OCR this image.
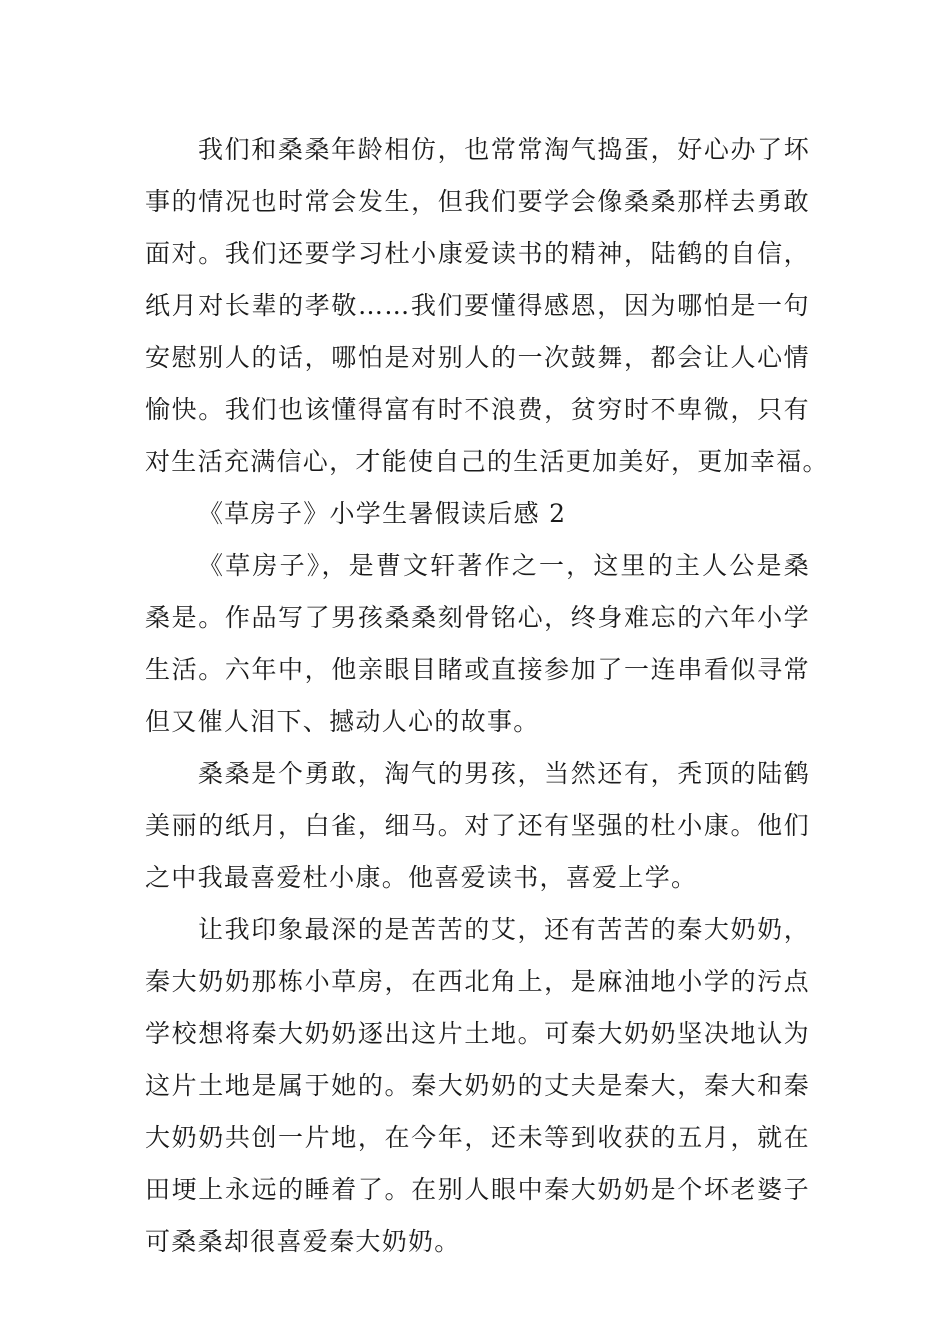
我们和桑桑年龄相仿，也常常淘气捣蛋，好心办了坏
事的情况也时常会发生，但我们要学会像桑桑那样去勇敢
面对。我们还要学习杜小康爱读书的精神，陆鹤的自信，
纸月对长辈的孝敬……我们要懂得感恩，因为哪怕是一句
安慰别人的话，哪怕是对别人的一次鼓舞，都会让人心情
愉快。我们也该懂得富有时不浪费，贫穷时不卑微，只有
对生活充满信心，才能使自己的生活更加美好，更加幸福。
《草房子》小学生暑假读后感 2
《草房子》，是曹文轩著作之一，这里的主人公是桑
桑是。作品写了男孩桑桑刻骨铭心，终身难忘的六年小学
生活。六年中，他亲眼目睹或直接参加了一连串看似寻常
但又催人泪下、撼动人心的故事。
桑桑是个勇敢，淘气的男孩，当然还有，秃顶的陆鹤
美丽的纸月，白雀，细马。对了还有坚强的杜小康。他们
之中我最喜爱杜小康。他喜爱读书，喜爱上学。
让我印象最深的是苦苦的艾，还有苦苦的秦大奶奶，
秦大奶奶那栋小草房，在西北角上，是麻油地小学的污点
学校想将秦大奶奶逐出这片土地。可秦大奶奶坚决地认为
这片土地是属于她的。秦大奶奶的丈夫是秦大，秦大和秦
大奶奶共创一片地，在今年，还未等到收获的五月，就在
田埂上永远的睡着了。在别人眼中秦大奶奶是个坏老婆子
可桑桑却很喜爱秦大奶奶。
